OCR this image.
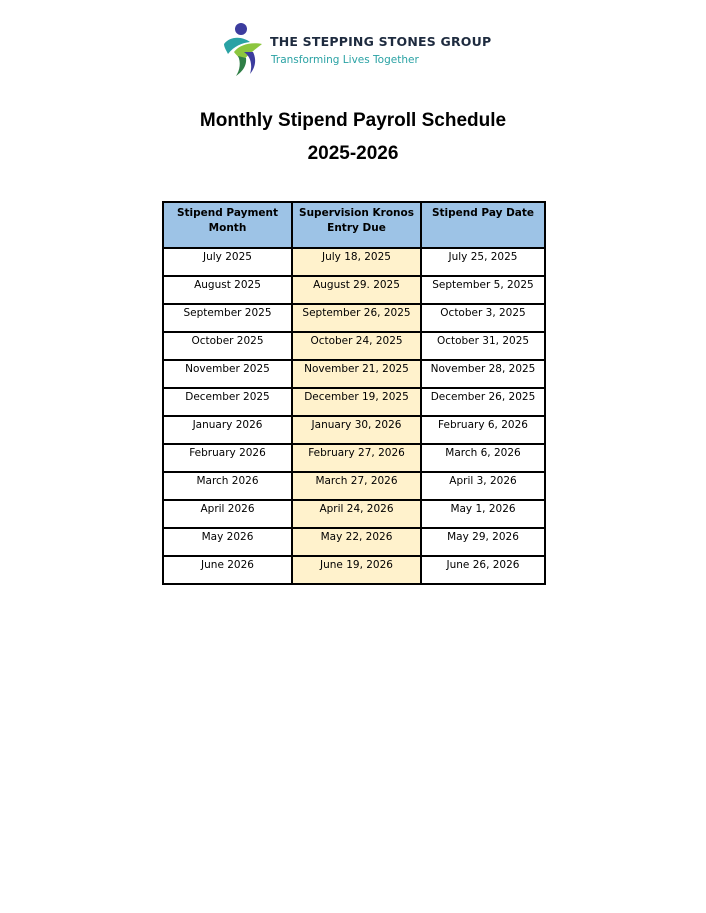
THE STEPPING STONES GROUP
Transforming Lives Together
Monthly Stipend Payroll Schedule
2025-2026
Stipend Payment Month	Supervision Kronos Entry Due	Stipend Pay Date
July 2025	July 18, 2025	July 25, 2025
August 2025	August 29. 2025	September 5, 2025
September 2025	September 26, 2025	October 3, 2025
October 2025	October 24, 2025	October 31, 2025
November 2025	November 21, 2025	November 28, 2025
December 2025	December 19, 2025	December 26, 2025
January 2026	January 30, 2026	February 6, 2026
February 2026	February 27, 2026	March 6, 2026
March 2026	March 27, 2026	April 3, 2026
April 2026	April 24, 2026	May 1, 2026
May 2026	May 22, 2026	May 29, 2026
June 2026	June 19, 2026	June 26, 2026
